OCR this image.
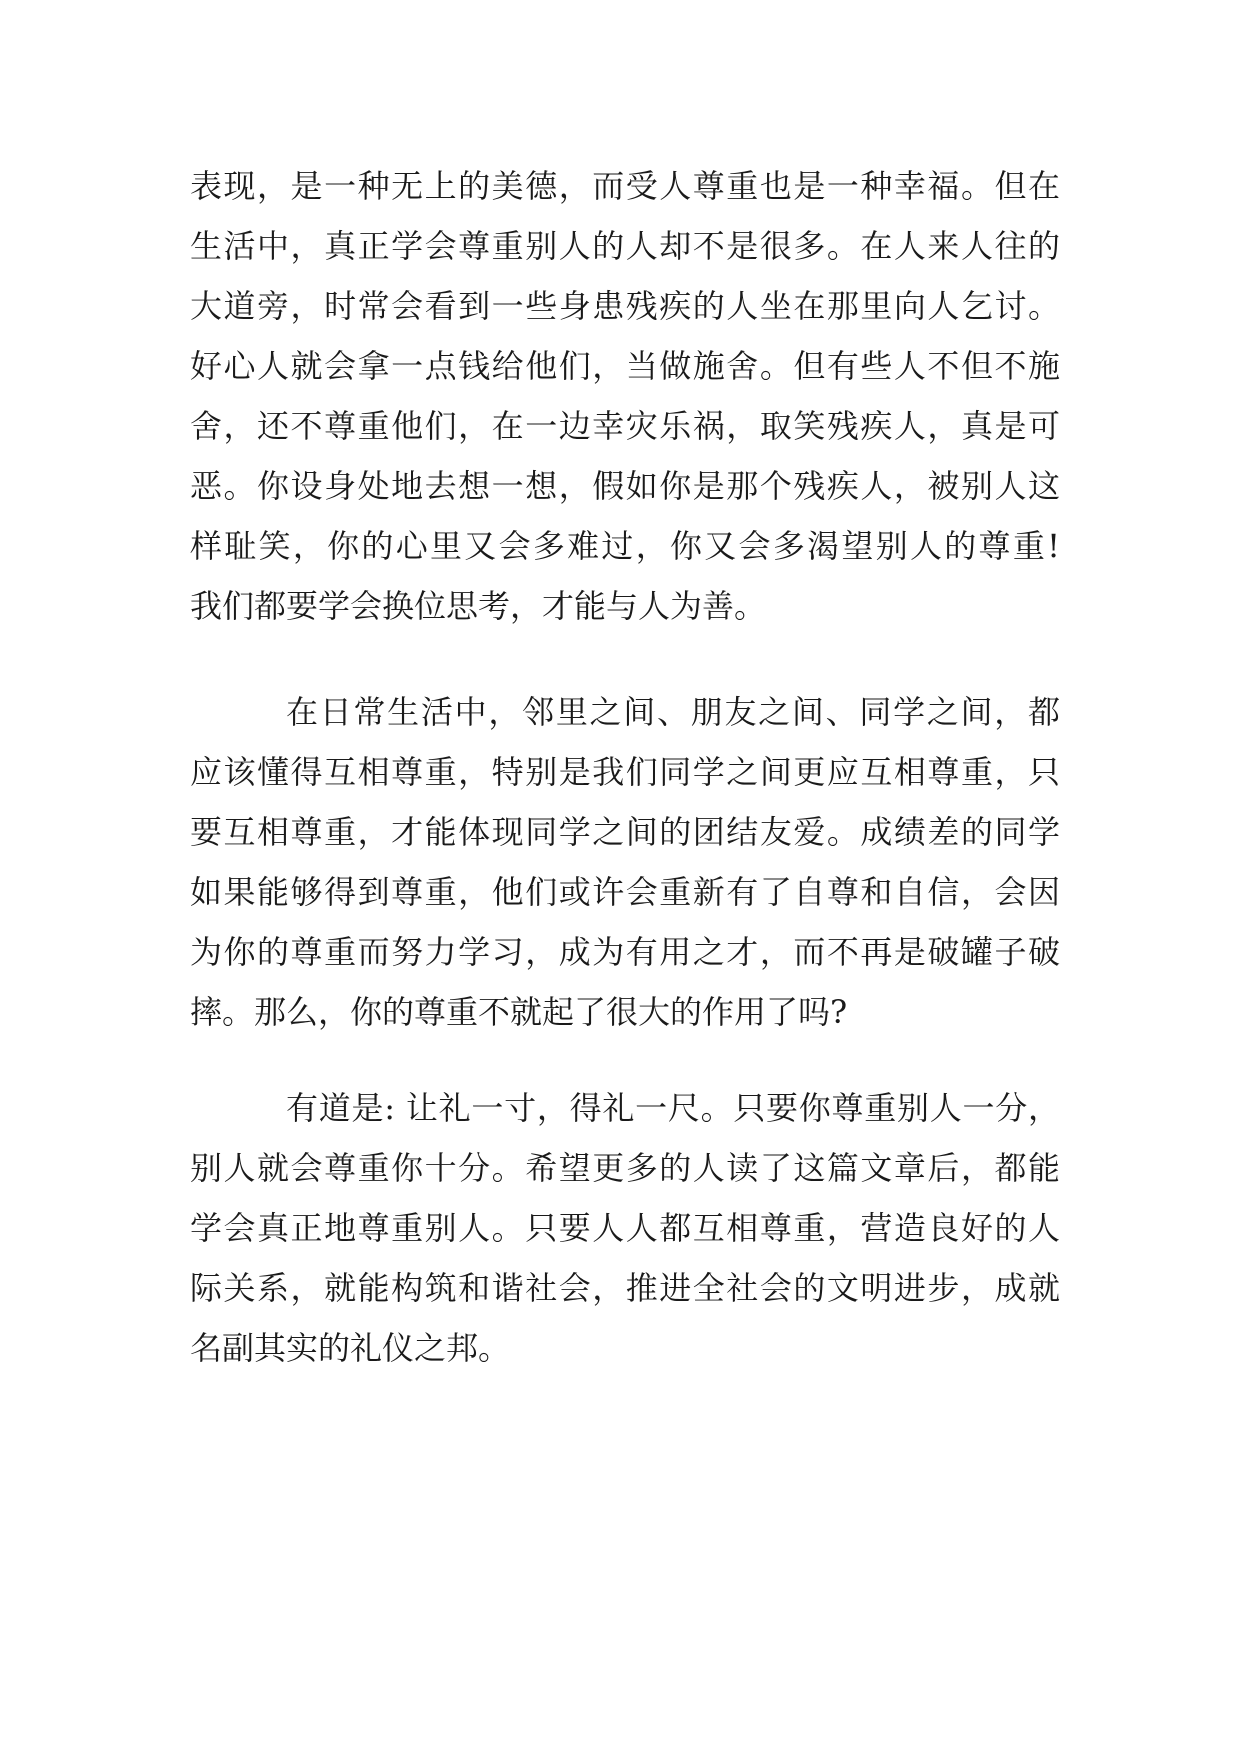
表现，是一种无上的美德，而受人尊重也是一种幸福。但在
生活中，真正学会尊重别人的人却不是很多。在人来人往的
大道旁，时常会看到一些身患残疾的人坐在那里向人乞讨。
好心人就会拿一点钱给他们，当做施舍。但有些人不但不施
舍，还不尊重他们，在一边幸灾乐祸，取笑残疾人，真是可
恶。你设身处地去想一想，假如你是那个残疾人，被别人这
样耻笑，你的心里又会多难过，你又会多渴望别人的尊重!
我们都要学会换位思考，才能与人为善。
在日常生活中，邻里之间、朋友之间、同学之间，都
应该懂得互相尊重，特别是我们同学之间更应互相尊重，只
要互相尊重，才能体现同学之间的团结友爱。成绩差的同学
如果能够得到尊重，他们或许会重新有了自尊和自信，会因
为你的尊重而努力学习，成为有用之才，而不再是破罐子破
摔。那么，你的尊重不就起了很大的作用了吗?
有道是: 让礼一寸，得礼一尺。只要你尊重别人一分，
别人就会尊重你十分。希望更多的人读了这篇文章后，都能
学会真正地尊重别人。只要人人都互相尊重，营造良好的人
际关系，就能构筑和谐社会，推进全社会的文明进步，成就
名副其实的礼仪之邦。
